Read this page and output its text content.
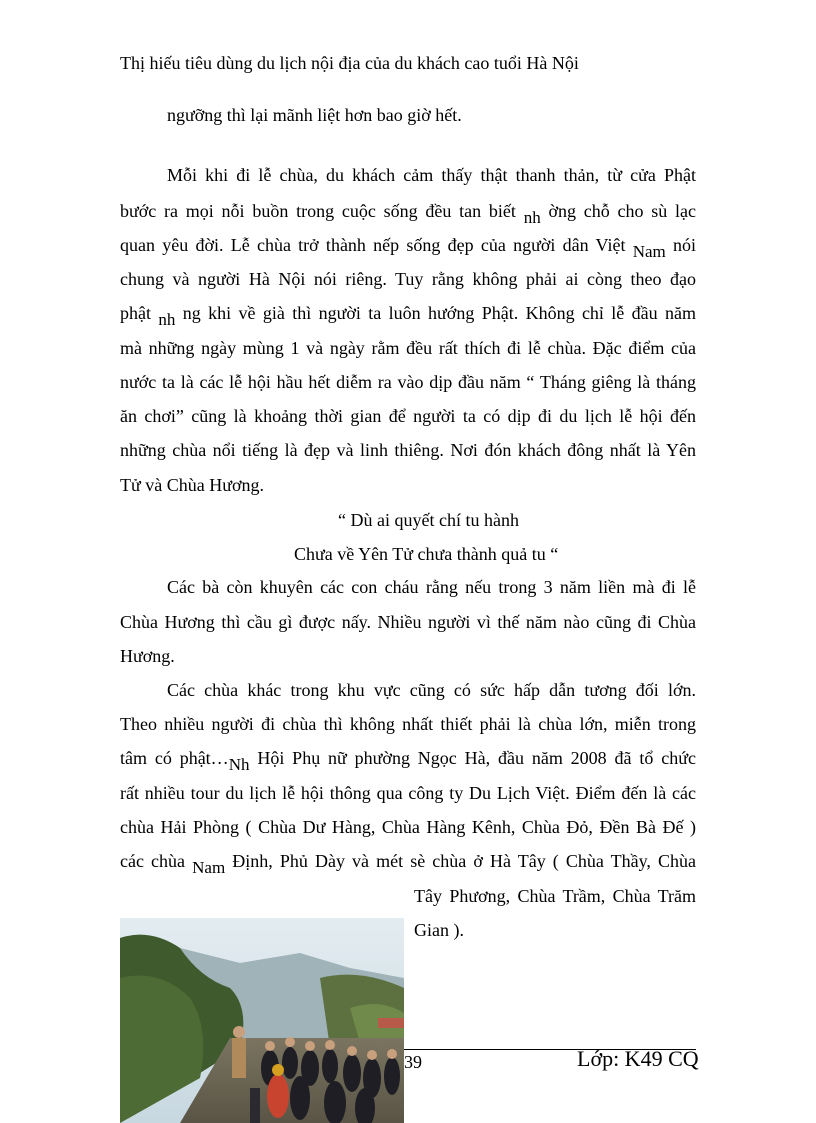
Thị hiếu tiêu dùng du lịch nội địa của du khách cao tuổi Hà Nội
ngưỡng thì lại mãnh liệt hơn bao giờ hết.
Mỗi khi đi lễ chùa, du khách cảm thấy thật thanh thản, từ cửa Phật
bước ra mọi nỗi buồn trong cuộc sống đều tan biết nh ờng chỗ cho sù lạc
quan yêu đời. Lễ chùa trở thành nếp sống đẹp của người dân Việt Nam nói
chung và người Hà Nội nói riêng. Tuy rằng không phải ai còng theo đạo
phật nh ng khi về già thì người ta luôn hướng Phật. Không chỉ lễ đầu năm
mà những ngày mùng 1 và ngày rằm đều rất thích đi lễ chùa. Đặc điểm của
nước ta là các lễ hội hầu hết diễm ra vào dịp đầu năm “ Tháng giêng là tháng
ăn chơi” cũng là khoảng thời gian để người ta có dịp đi du lịch lễ hội đến
những chùa nổi tiếng là đẹp và linh thiêng. Nơi đón khách đông nhất là Yên
Tử và Chùa Hương.
“ Dù ai quyết chí tu hành
Chưa về Yên Tử chưa thành quả tu “
Các bà còn khuyên các con cháu rằng nếu trong 3 năm liền mà đi lễ
Chùa Hương thì cầu gì được nấy. Nhiều người vì thế năm nào cũng đi Chùa
Hương.
Các chùa khác trong khu vực cũng có sức hấp dẫn tương đối lớn.
Theo nhiều người đi chùa thì không nhất thiết phải là chùa lớn, miễn trong
tâm có phật…Nh Hội Phụ nữ phường Ngọc Hà, đầu năm 2008 đã tổ chức
rất nhiều tour du lịch lễ hội thông qua công ty Du Lịch Việt. Điểm đến là các
chùa Hải Phòng ( Chùa Dư Hàng, Chùa Hàng Kênh, Chùa Đỏ, Đền Bà Đế )
các chùa Nam Định, Phủ Dày và mét sè chùa ở Hà Tây ( Chùa Thầy, Chùa
Tây Phương, Chùa Trầm, Chùa Trăm
Gian ).
39	Lớp: K49 CQ
